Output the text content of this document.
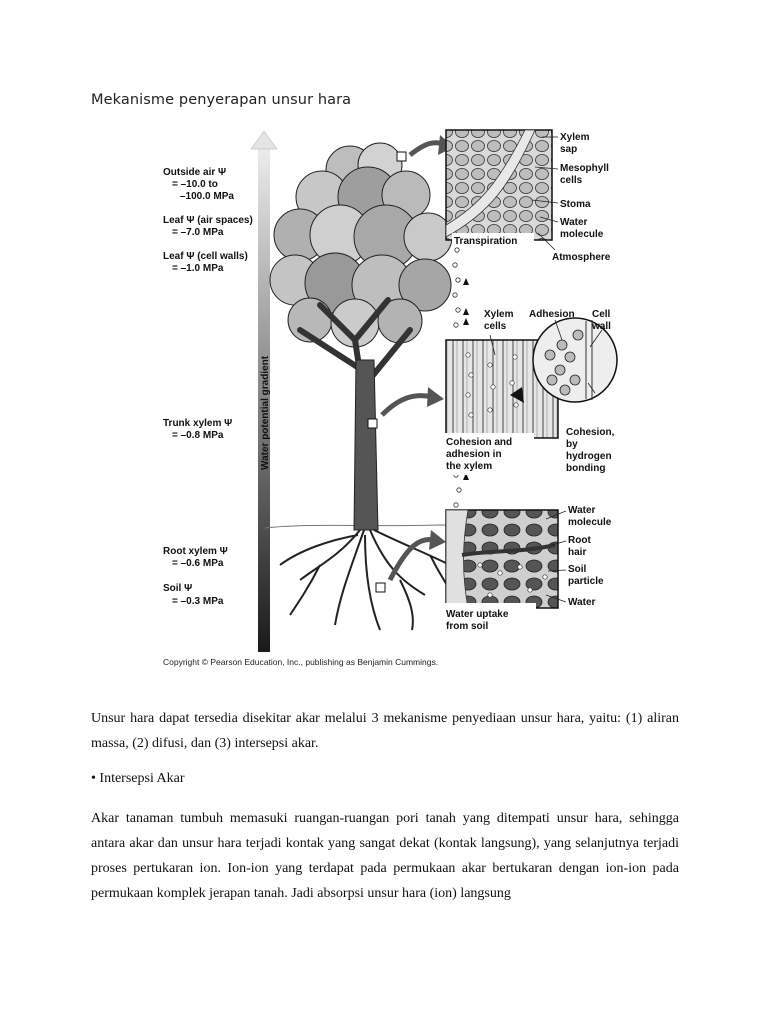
Mekanisme penyerapan unsur hara
Water potential gradient
Outside air Ψ
= –10.0 to
–100.0 MPa
Leaf Ψ (air spaces)
= –7.0 MPa
Leaf Ψ (cell walls)
= –1.0 MPa
Trunk xylem Ψ
= –0.8 MPa
Root xylem Ψ
= –0.6 MPa
Soil Ψ
= –0.3 MPa
Transpiration
Xylem
sap
Mesophyll
cells
Stoma
Water
molecule
Atmosphere
Cohesion and
adhesion in
the xylem
Xylem
cells
Adhesion Cell
wall
Cohesion,
by
hydrogen
bonding
Water uptake
from soil
Water
molecule
Root
hair
Soil
particle
Water
Copyright © Pearson Education, Inc., publishing as Benjamin Cummings.

Unsur hara dapat tersedia disekitar akar melalui 3 mekanisme penyediaan unsur hara, yaitu: (1) aliran massa, (2) difusi, dan (3) intersepsi akar.

• Intersepsi Akar

Akar tanaman tumbuh memasuki ruangan-ruangan pori tanah yang ditempati unsur hara, sehingga antara akar dan unsur hara terjadi kontak yang sangat dekat (kontak langsung), yang selanjutnya terjadi proses pertukaran ion. Ion-ion yang terdapat pada permukaan akar bertukaran dengan ion-ion pada permukaan komplek jerapan tanah. Jadi absorpsi unsur hara (ion) langsung
